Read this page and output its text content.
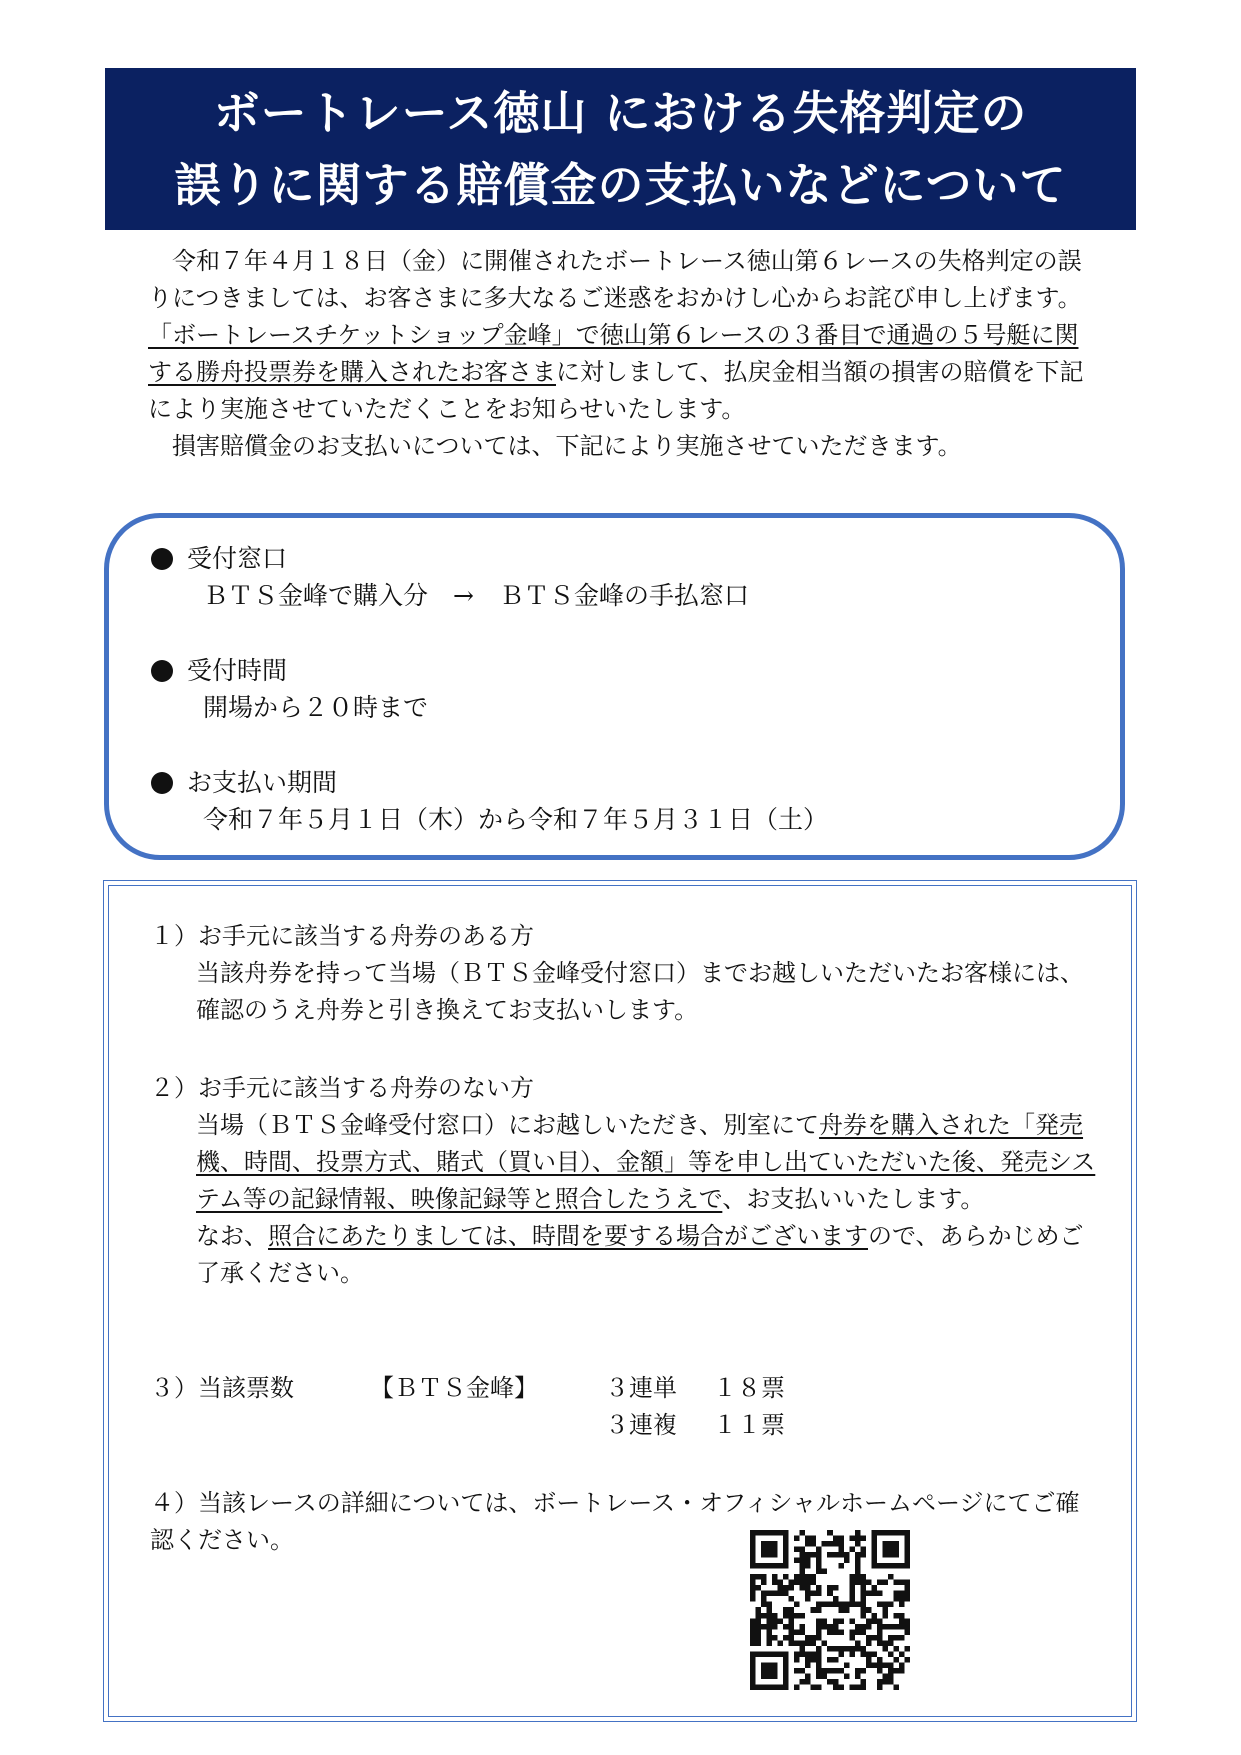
ボートレース徳山 における失格判定の
誤りに関する賠償金の支払いなどについて

令和７年４月１８日（金）に開催されたボートレース徳山第６レースの失格判定の誤りにつきましては、お客さまに多大なるご迷惑をおかけし心からお詫び申し上げます。

「ボートレースチケットショップ金峰」で徳山第６レースの３番目で通過の５号艇に関する勝舟投票券を購入されたお客さまに対しまして、払戻金相当額の損害の賠償を下記により実施させていただくことをお知らせいたします。

損害賠償金のお支払いについては、下記により実施させていただきます。

受付窓口
ＢＴＳ金峰で購入分　→　ＢＴＳ金峰の手払窓口
受付時間
開場から２０時まで
お支払い期間
令和７年５月１日（木）から令和７年５月３１日（土）

１）お手元に該当する舟券のある方

当該舟券を持って当場（ＢＴＳ金峰受付窓口）までお越しいただいたお客様には、確認のうえ舟券と引き換えてお支払いします。

２）お手元に該当する舟券のない方

当場（ＢＴＳ金峰受付窓口）にお越しいただき、別室にて舟券を購入された「発売機、時間、投票方式、賭式（買い目）、金額」等を申し出ていただいた後、発売システム等の記録情報、映像記録等と照合したうえで、お支払いいたします。

なお、照合にあたりましては、時間を要する場合がございますので、あらかじめご了承ください。

３）当該票数	【ＢＴＳ金峰】	３連単	１８票
３連複	１１票

４）当該レースの詳細については、ボートレース・オフィシャルホームページにてご確認ください。
